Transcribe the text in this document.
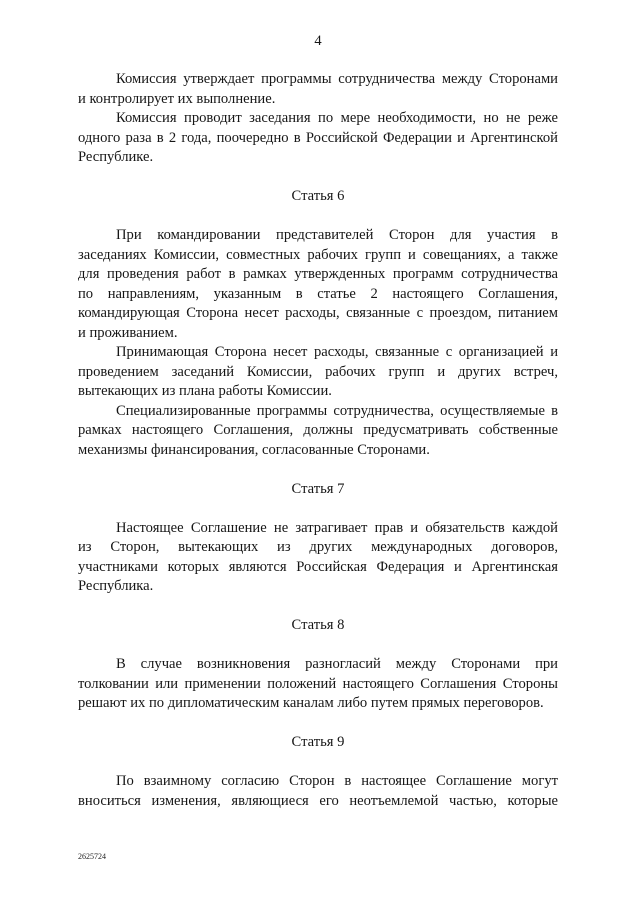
4
Комиссия утверждает программы сотрудничества между Сторонами
и контролирует их выполнение.
Комиссия проводит заседания по мере необходимости, но не реже
одного раза в 2 года, поочередно в Российской Федерации и Аргентинской
Республике.
Статья 6
При командировании представителей Сторон для участия в
заседаниях Комиссии, совместных рабочих групп и совещаниях, а также
для проведения работ в рамках утвержденных программ сотрудничества
по направлениям, указанным в статье 2 настоящего Соглашения,
командирующая Сторона несет расходы, связанные с проездом, питанием
и проживанием.
Принимающая Сторона несет расходы, связанные с организацией и
проведением заседаний Комиссии, рабочих групп и других встреч,
вытекающих из плана работы Комиссии.
Специализированные программы сотрудничества, осуществляемые в
рамках настоящего Соглашения, должны предусматривать собственные
механизмы финансирования, согласованные Сторонами.
Статья 7
Настоящее Соглашение не затрагивает прав и обязательств каждой
из Сторон, вытекающих из других международных договоров,
участниками которых являются Российская Федерация и Аргентинская
Республика.
Статья 8
В случае возникновения разногласий между Сторонами при
толковании или применении положений настоящего Соглашения Стороны
решают их по дипломатическим каналам либо путем прямых переговоров.
Статья 9
По взаимному согласию Сторон в настоящее Соглашение могут
вноситься изменения, являющиеся его неотъемлемой частью, которые
2625724
